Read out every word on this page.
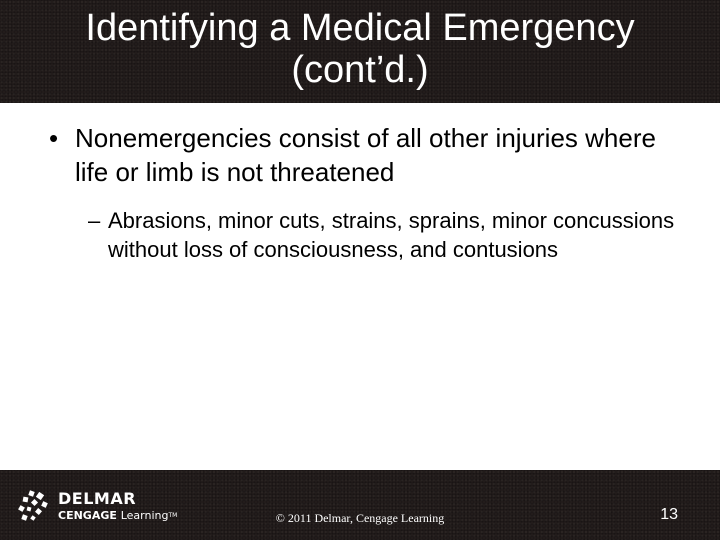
Identifying a Medical Emergency
(cont’d.)
• Nonemergencies consist of all other injuries where life or limb is not threatened
– Abrasions, minor cuts, strains, sprains, minor concussions without loss of consciousness, and contusions
DELMAR
CENGAGE Learning™	© 2011 Delmar, Cengage Learning	13
